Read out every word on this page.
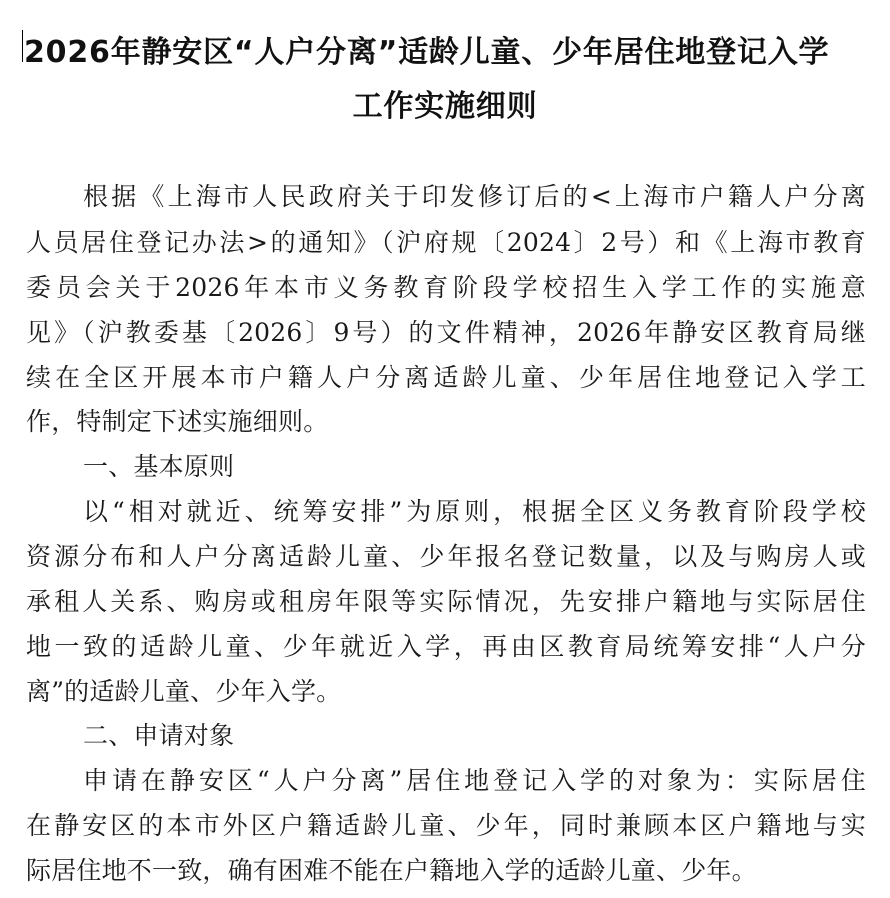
2026年静安区“人户分离”适龄儿童、少年居住地登记入学
工作实施细则
根据《上海市人民政府关于印发修订后的<上海市户籍人户分离
人员居住登记办法>的通知》（沪府规〔2024〕2号）和《上海市教育
委员会关于2026年本市义务教育阶段学校招生入学工作的实施意
见》（沪教委基〔2026〕9号）的文件精神，2026年静安区教育局继
续在全区开展本市户籍人户分离适龄儿童、少年居住地登记入学工
作，特制定下述实施细则。
一、基本原则
以“相对就近、统筹安排”为原则，根据全区义务教育阶段学校
资源分布和人户分离适龄儿童、少年报名登记数量，以及与购房人或
承租人关系、购房或租房年限等实际情况，先安排户籍地与实际居住
地一致的适龄儿童、少年就近入学，再由区教育局统筹安排“人户分
离”的适龄儿童、少年入学。
二、申请对象
申请在静安区“人户分离”居住地登记入学的对象为：实际居住
在静安区的本市外区户籍适龄儿童、少年，同时兼顾本区户籍地与实
际居住地不一致，确有困难不能在户籍地入学的适龄儿童、少年。
